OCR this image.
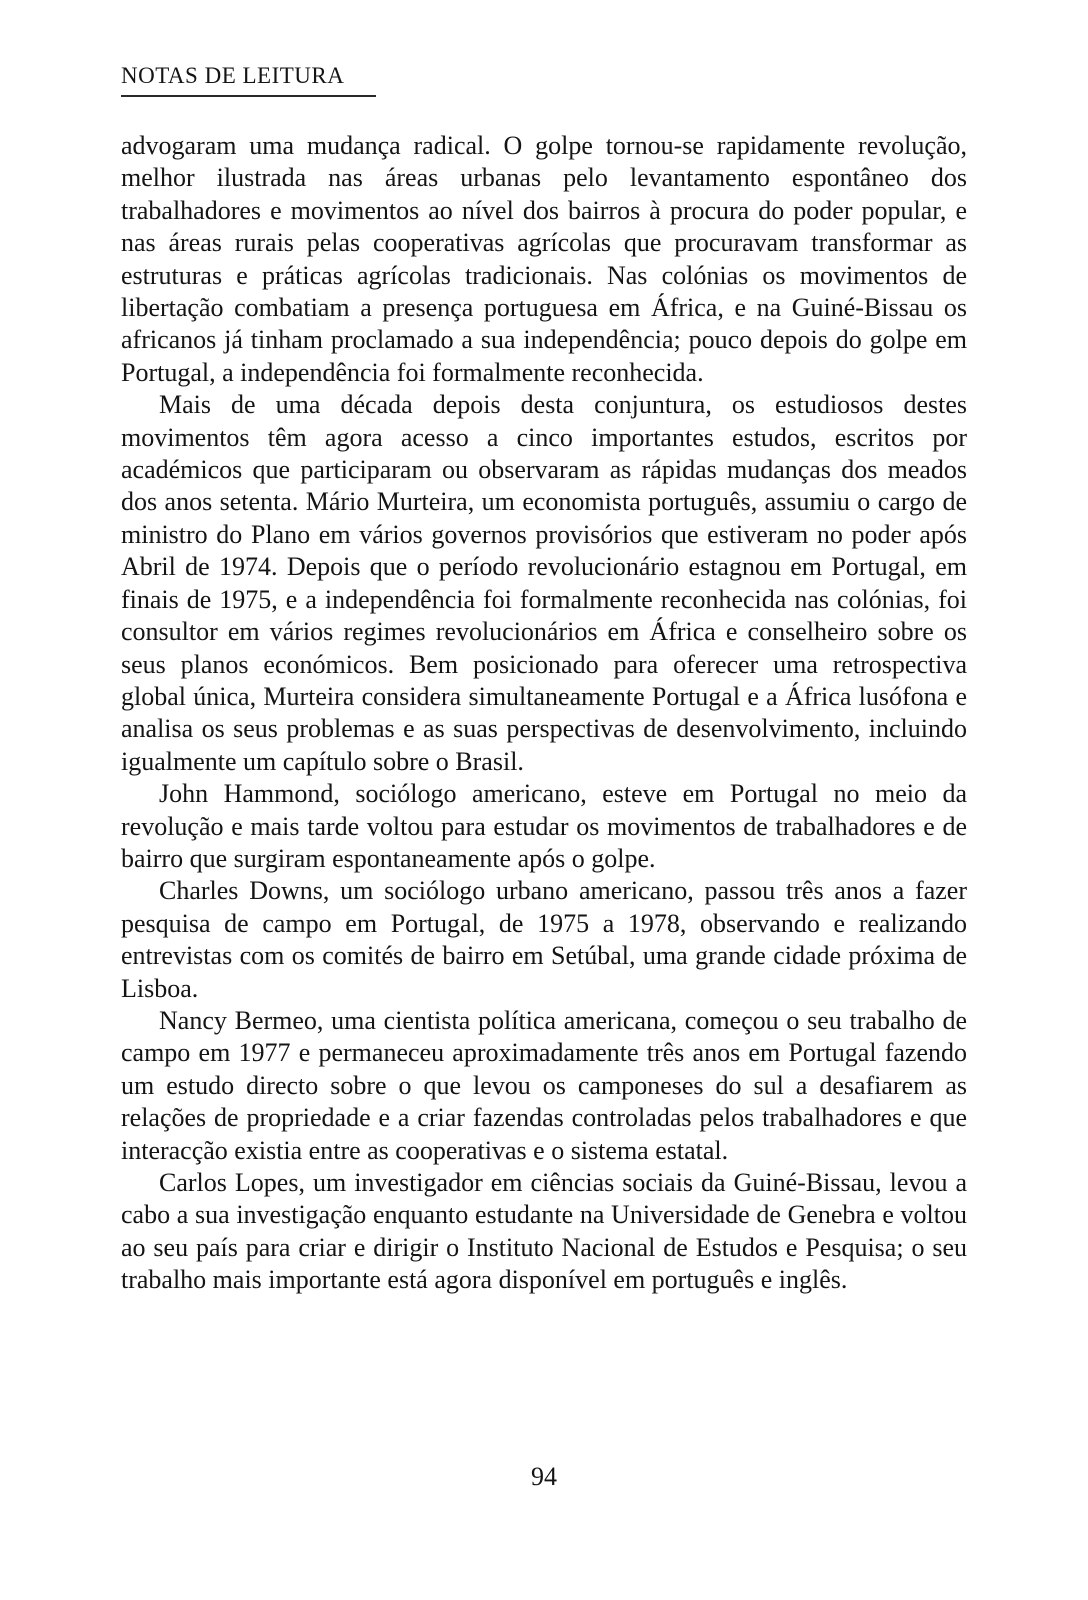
NOTAS DE LEITURA

advogaram uma mudança radical. O golpe tornou-se rapidamente revolução, melhor ilustrada nas áreas urbanas pelo levantamento espontâneo dos trabalhadores e movimentos ao nível dos bairros à procura do poder popular, e nas áreas rurais pelas cooperativas agrícolas que procuravam transformar as estruturas e práticas agrícolas tradicionais. Nas colónias os movimentos de libertação combatiam a presença portuguesa em África, e na Guiné-Bissau os africanos já tinham proclamado a sua independência; pouco depois do golpe em Portugal, a independência foi formalmente reconhecida.

Mais de uma década depois desta conjuntura, os estudiosos destes movimentos têm agora acesso a cinco importantes estudos, escritos por académicos que participaram ou observaram as rápidas mudanças dos meados dos anos setenta. Mário Murteira, um economista português, assumiu o cargo de ministro do Plano em vários governos provisórios que estiveram no poder após Abril de 1974. Depois que o período revolucionário estagnou em Portugal, em finais de 1975, e a independência foi formalmente reconhecida nas colónias, foi consultor em vários regimes revolucionários em África e conselheiro sobre os seus planos económicos. Bem posicionado para oferecer uma retrospectiva global única, Murteira considera simultaneamente Portugal e a África lusófona e analisa os seus problemas e as suas perspectivas de desenvolvimento, incluindo igualmente um capítulo sobre o Brasil.

John Hammond, sociólogo americano, esteve em Portugal no meio da revolução e mais tarde voltou para estudar os movimentos de trabalhadores e de bairro que surgiram espontaneamente após o golpe.

Charles Downs, um sociólogo urbano americano, passou três anos a fazer pesquisa de campo em Portugal, de 1975 a 1978, observando e realizando entrevistas com os comités de bairro em Setúbal, uma grande cidade próxima de Lisboa.

Nancy Bermeo, uma cientista política americana, começou o seu trabalho de campo em 1977 e permaneceu aproximadamente três anos em Portugal fazendo um estudo directo sobre o que levou os camponeses do sul a desafiarem as relações de propriedade e a criar fazendas controladas pelos trabalhadores e que interacção existia entre as cooperativas e o sistema estatal.

Carlos Lopes, um investigador em ciências sociais da Guiné-Bissau, levou a cabo a sua investigação enquanto estudante na Universidade de Genebra e voltou ao seu país para criar e dirigir o Instituto Nacional de Estudos e Pesquisa; o seu trabalho mais importante está agora disponível em português e inglês.

94
